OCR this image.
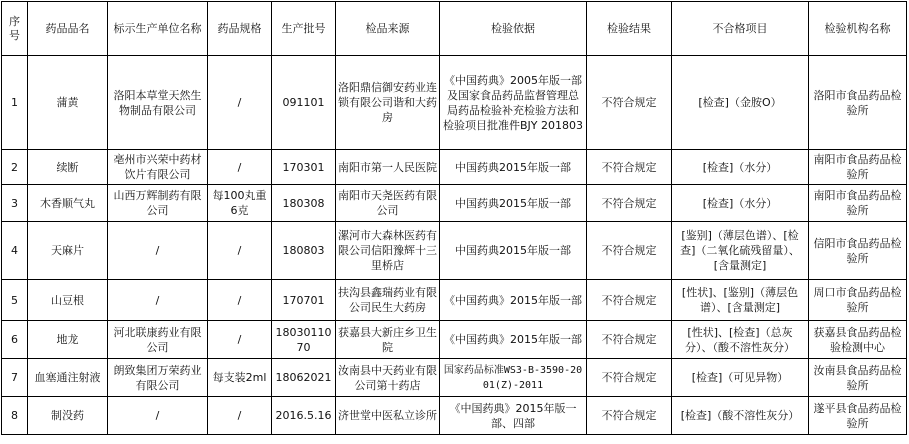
序号	药品品名	标示生产单位名称	药品规格	生产批号	检品来源	检验依据	检验结果	不合格项目	检验机构名称
1	蒲黄	洛阳本草堂天然生物制品有限公司	/	091101	洛阳鼎信御安药业连锁有限公司谐和大药房	《中国药典》2005年版一部及国家食品药品监督管理总局药品检验补充检验方法和检验项目批准件BJY 201803	不符合规定	[检查]（金胺O）	洛阳市食品药品检验所
2	续断	亳州市兴荣中药材饮片有限公司	/	170301	南阳市第一人民医院	中国药典2015年版一部	不符合规定	[检查]（水分）	南阳市食品药品检验所
3	木香顺气丸	山西万辉制药有限公司	每100丸重6克	180308	南阳市天尧医药有限公司	中国药典2015年版一部	不符合规定	[检查]（水分）	南阳市食品药品检验所
4	天麻片	/	/	180803	漯河市大森林医药有限公司信阳豫辉十三里桥店	中国药典2015年版一部	不符合规定	[鉴别]（薄层色谱）、[检查]（二氧化硫残留量）、[含量测定]	信阳市食品药品检验所
5	山豆根	/	/	170701	扶沟县鑫瑞药业有限公司民生大药房	《中国药典》2015年版一部	不符合规定	[性状]、[鉴别]（薄层色谱）、[含量测定]	周口市食品药品检验所
6	地龙	河北联康药业有限公司	/	1803011070	获嘉县大新庄乡卫生院	《中国药典》2015年版一部	不符合规定	[性状]、[检查]（总灰分）、（酸不溶性灰分）	获嘉县食品药品检验检测中心
7	血塞通注射液	朗致集团万荣药业有限公司	每支装2ml	18062021	汝南县中天药业有限公司第十药店	国家药品标准WS3-B-3590-2001(Z)-2011	不符合规定	[检查]（可见异物）	汝南县食品药品检验所
8	制没药	/	/	2016.5.16	济世堂中医私立诊所	《中国药典》2015年版一部、四部	不符合规定	[检查]（酸不溶性灰分）	遂平县食品药品检验所
